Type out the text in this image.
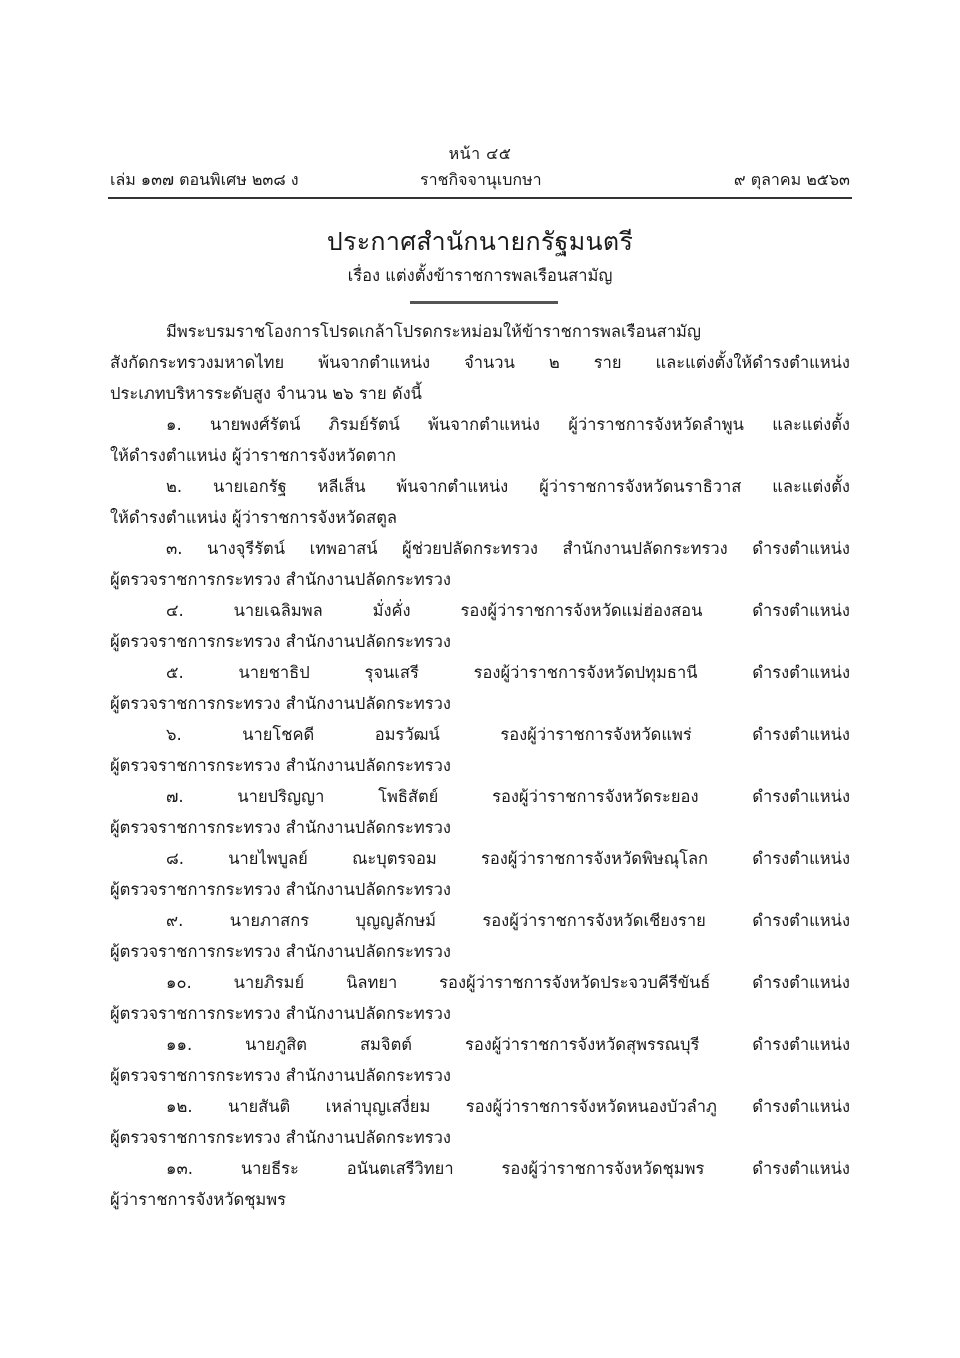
หน้า ๔๕
เล่ม ๑๓๗ ตอนพิเศษ ๒๓๘ ง	ราชกิจจานุเบกษา	๙ ตุลาคม ๒๕๖๓
ประกาศสำนักนายกรัฐมนตรี
เรื่อง แต่งตั้งข้าราชการพลเรือนสามัญ
มีพระบรมราชโองการโปรดเกล้าโปรดกระหม่อมให้ข้าราชการพลเรือนสามัญ
สังกัดกระทรวงมหาดไทย พ้นจากตำแหน่ง จำนวน ๒ ราย และแต่งตั้งให้ดำรงตำแหน่ง
ประเภทบริหารระดับสูง จำนวน ๒๖ ราย ดังนี้
๑. นายพงศ์รัตน์ ภิรมย์รัตน์ พ้นจากตำแหน่ง ผู้ว่าราชการจังหวัดลำพูน และแต่งตั้ง
ให้ดำรงตำแหน่ง ผู้ว่าราชการจังหวัดตาก
๒. นายเอกรัฐ หลีเส็น พ้นจากตำแหน่ง ผู้ว่าราชการจังหวัดนราธิวาส และแต่งตั้ง
ให้ดำรงตำแหน่ง ผู้ว่าราชการจังหวัดสตูล
๓. นางจุรีรัตน์ เทพอาสน์ ผู้ช่วยปลัดกระทรวง สำนักงานปลัดกระทรวง ดำรงตำแหน่ง
ผู้ตรวจราชการกระทรวง สำนักงานปลัดกระทรวง
๔. นายเฉลิมพล มั่งคั่ง รองผู้ว่าราชการจังหวัดแม่ฮ่องสอน ดำรงตำแหน่ง
ผู้ตรวจราชการกระทรวง สำนักงานปลัดกระทรวง
๕. นายชาธิป รุจนเสรี รองผู้ว่าราชการจังหวัดปทุมธานี ดำรงตำแหน่ง
ผู้ตรวจราชการกระทรวง สำนักงานปลัดกระทรวง
๖. นายโชคดี อมรวัฒน์ รองผู้ว่าราชการจังหวัดแพร่ ดำรงตำแหน่ง
ผู้ตรวจราชการกระทรวง สำนักงานปลัดกระทรวง
๗. นายปริญญา โพธิสัตย์ รองผู้ว่าราชการจังหวัดระยอง ดำรงตำแหน่ง
ผู้ตรวจราชการกระทรวง สำนักงานปลัดกระทรวง
๘. นายไพบูลย์ ณะบุตรจอม รองผู้ว่าราชการจังหวัดพิษณุโลก ดำรงตำแหน่ง
ผู้ตรวจราชการกระทรวง สำนักงานปลัดกระทรวง
๙. นายภาสกร บุญญลักษม์ รองผู้ว่าราชการจังหวัดเชียงราย ดำรงตำแหน่ง
ผู้ตรวจราชการกระทรวง สำนักงานปลัดกระทรวง
๑๐. นายภิรมย์ นิลทยา รองผู้ว่าราชการจังหวัดประจวบคีรีขันธ์ ดำรงตำแหน่ง
ผู้ตรวจราชการกระทรวง สำนักงานปลัดกระทรวง
๑๑. นายภูสิต สมจิตต์ รองผู้ว่าราชการจังหวัดสุพรรณบุรี ดำรงตำแหน่ง
ผู้ตรวจราชการกระทรวง สำนักงานปลัดกระทรวง
๑๒. นายสันติ เหล่าบุญเสงี่ยม รองผู้ว่าราชการจังหวัดหนองบัวลำภู ดำรงตำแหน่ง
ผู้ตรวจราชการกระทรวง สำนักงานปลัดกระทรวง
๑๓. นายธีระ อนันตเสรีวิทยา รองผู้ว่าราชการจังหวัดชุมพร ดำรงตำแหน่ง
ผู้ว่าราชการจังหวัดชุมพร
